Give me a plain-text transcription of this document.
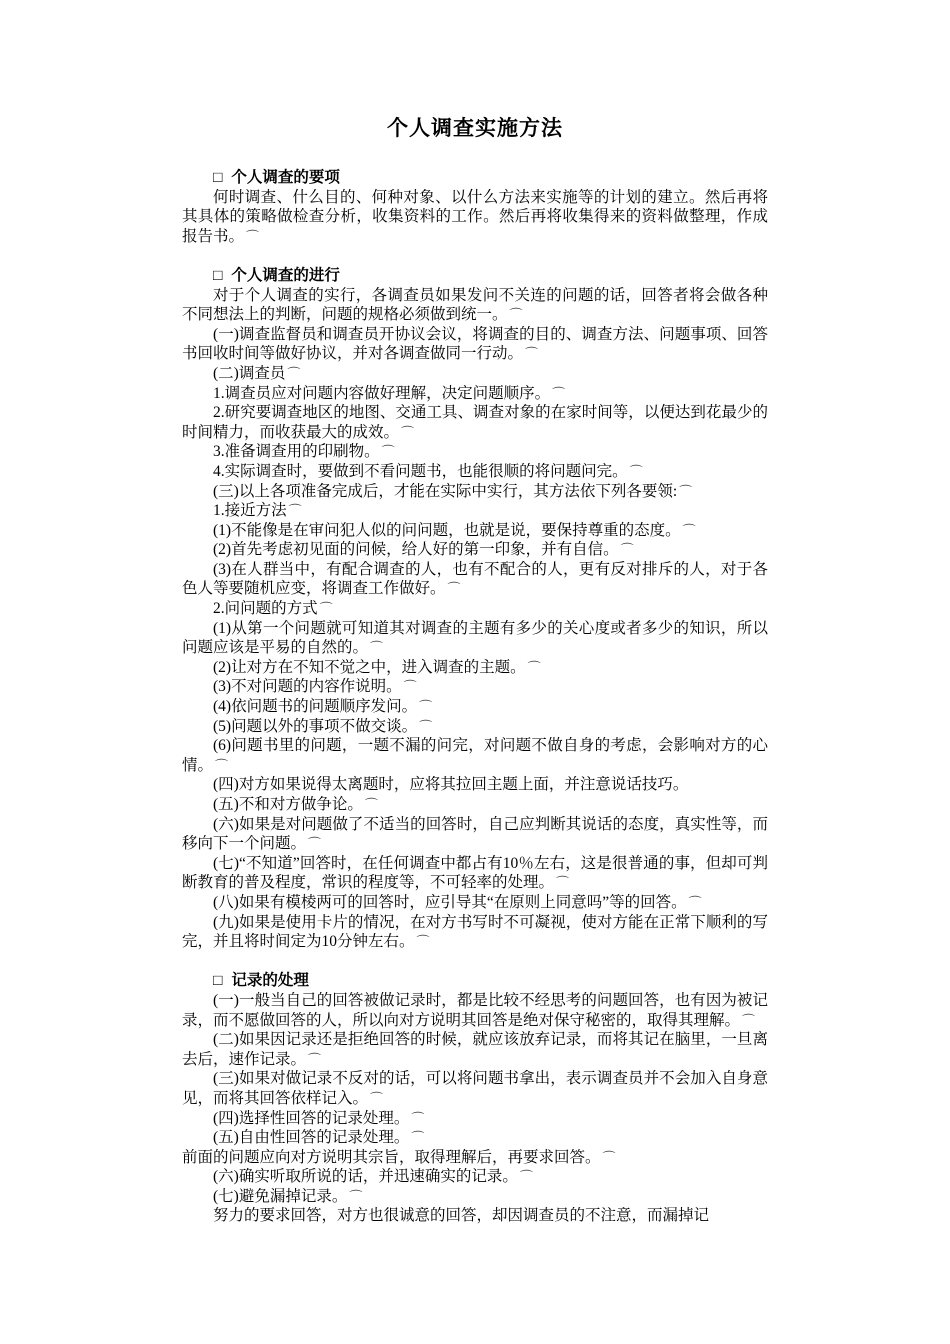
个人调查实施方法

□ 个人调查的要项

何时调查、什么目的、何种对象、以什么方法来实施等的计划的建立。然后再将其具体的策略做检查分析，收集资料的工作。然后再将收集得来的资料做整理，作成报告书。 ⌒

□ 个人调查的进行

对于个人调查的实行，各调查员如果发问不关连的问题的话，回答者将会做各种不同想法上的判断，问题的规格必须做到统一。 ⌒

(一)调查监督员和调查员开协议会议，将调查的目的、调查方法、问题事项、回答书回收时间等做好协议，并对各调查做同一行动。 ⌒

(二)调查员 ⌒

1.调查员应对问题内容做好理解，决定问题顺序。 ⌒

2.研究要调查地区的地图、交通工具、调查对象的在家时间等，以便达到花最少的时间精力，而收获最大的成效。 ⌒

3.准备调查用的印刷物。 ⌒

4.实际调查时，要做到不看问题书，也能很顺的将问题问完。 ⌒

(三)以上各项准备完成后，才能在实际中实行，其方法依下列各要领: ⌒

1.接近方法 ⌒

(1)不能像是在审问犯人似的问问题，也就是说，要保持尊重的态度。 ⌒

(2)首先考虑初见面的问候，给人好的第一印象，并有自信。 ⌒

(3)在人群当中，有配合调查的人，也有不配合的人，更有反对排斥的人，对于各色人等要随机应变，将调查工作做好。 ⌒

2.问问题的方式 ⌒

(1)从第一个问题就可知道其对调查的主题有多少的关心度或者多少的知识，所以问题应该是平易的自然的。 ⌒

(2)让对方在不知不觉之中，进入调查的主题。 ⌒

(3)不对问题的内容作说明。 ⌒

(4)依问题书的问题顺序发问。 ⌒

(5)问题以外的事项不做交谈。 ⌒

(6)问题书里的问题，一题不漏的问完，对问题不做自身的考虑，会影响对方的心情。 ⌒

(四)对方如果说得太离题时，应将其拉回主题上面，并注意说话技巧。

(五)不和对方做争论。 ⌒

(六)如果是对问题做了不适当的回答时，自己应判断其说话的态度，真实性等，而移向下一个问题。 ⌒

(七)“不知道”回答时，在任何调查中都占有10％左右，这是很普通的事，但却可判断教育的普及程度，常识的程度等，不可轻率的处理。 ⌒

(八)如果有模棱两可的回答时，应引导其“在原则上同意吗”等的回答。 ⌒

(九)如果是使用卡片的情况，在对方书写时不可凝视，使对方能在正常下顺利的写完，并且将时间定为10分钟左右。 ⌒

□ 记录的处理

(一)一般当自己的回答被做记录时，都是比较不经思考的问题回答，也有因为被记录，而不愿做回答的人，所以向对方说明其回答是绝对保守秘密的，取得其理解。 ⌒

(二)如果因记录还是拒绝回答的时候，就应该放弃记录，而将其记在脑里，一旦离去后，速作记录。 ⌒

(三)如果对做记录不反对的话，可以将问题书拿出，表示调查员并不会加入自身意见，而将其回答依样记入。 ⌒

(四)选择性回答的记录处理。 ⌒

(五)自由性回答的记录处理。 ⌒

前面的问题应向对方说明其宗旨，取得理解后，再要求回答。 ⌒

(六)确实听取所说的话，并迅速确实的记录。 ⌒

(七)避免漏掉记录。 ⌒

努力的要求回答，对方也很诚意的回答，却因调查员的不注意，而漏掉记
